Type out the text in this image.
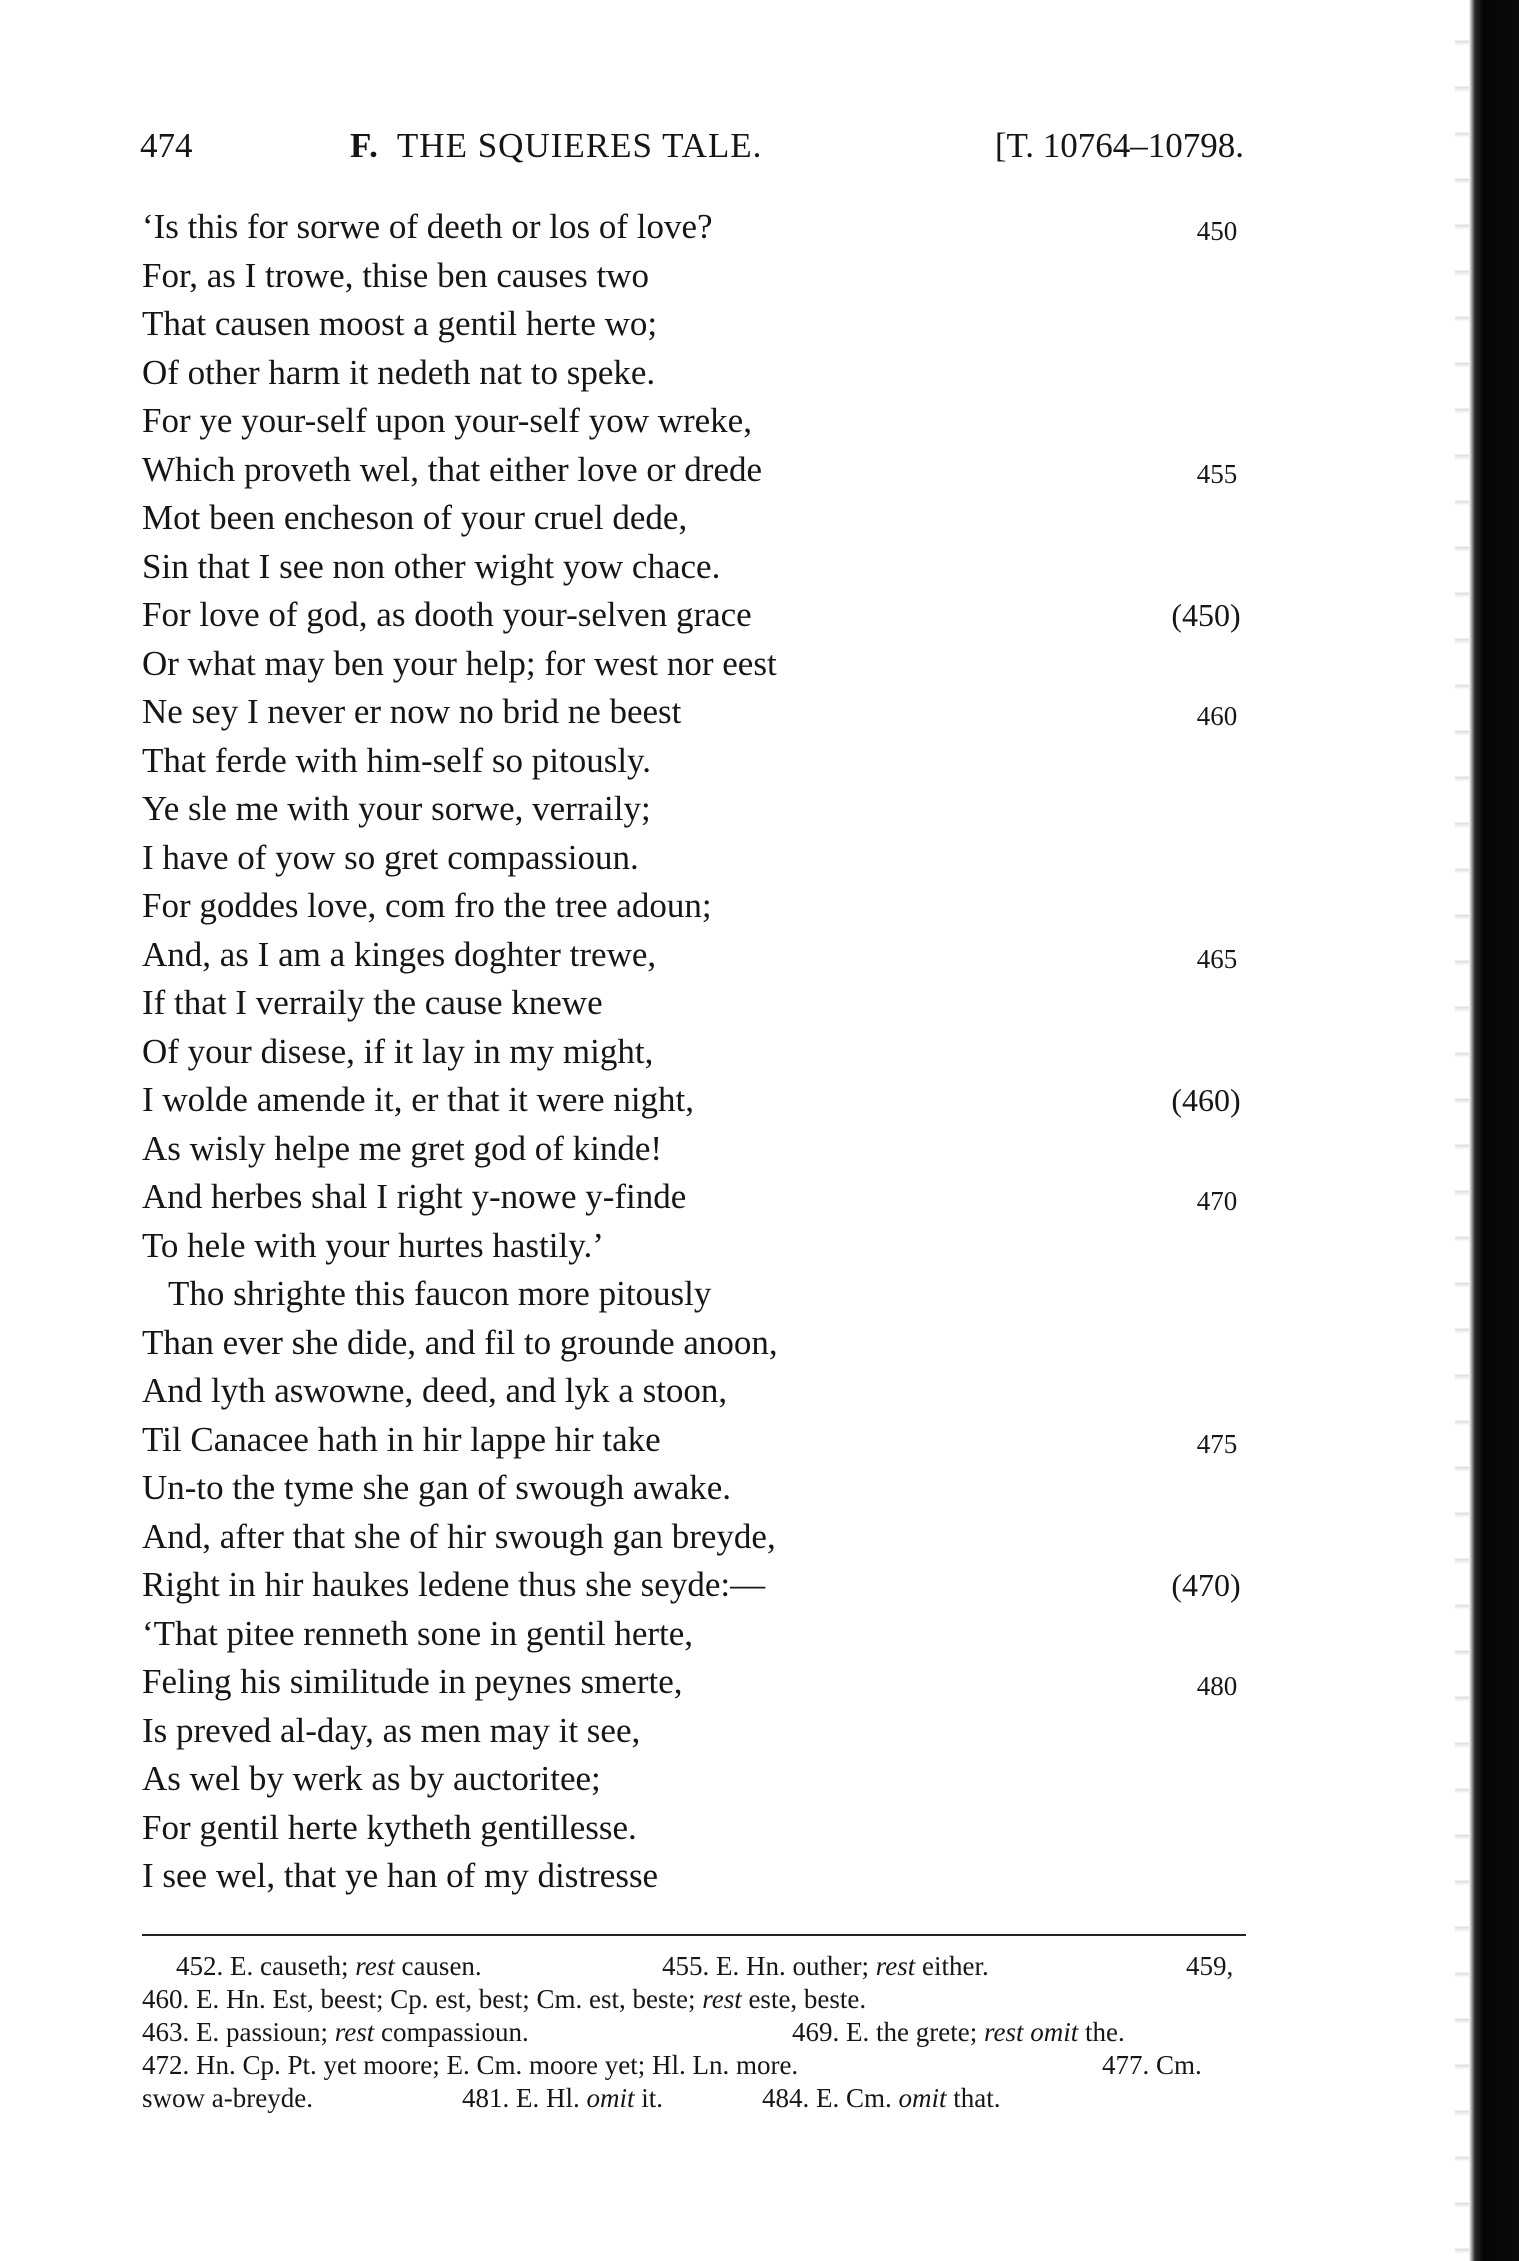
474	F. THE SQUIERES TALE.	[T. 10764–10798.
‘Is this for sorwe of deeth or los of love?	450
For, as I trowe, thise ben causes two
That causen moost a gentil herte wo;
Of other harm it nedeth nat to speke.
For ye your-self upon your-self yow wreke,
Which proveth wel, that either love or drede	455
Mot been encheson of your cruel dede,
Sin that I see non other wight yow chace.
For love of god, as dooth your-selven grace	(450)
Or what may ben your help; for west nor eest
Ne sey I never er now no brid ne beest	460
That ferde with him-self so pitously.
Ye sle me with your sorwe, verraily;
I have of yow so gret compassioun.
For goddes love, com fro the tree adoun;
And, as I am a kinges doghter trewe,	465
If that I verraily the cause knewe
Of your disese, if it lay in my might,
I wolde amende it, er that it were night,	(460)
As wisly helpe me gret god of kinde!
And herbes shal I right y-nowe y-finde	470
To hele with your hurtes hastily.’
Tho shrighte this faucon more pitously
Than ever she dide, and fil to grounde anoon,
And lyth aswowne, deed, and lyk a stoon,
Til Canacee hath in hir lappe hir take	475
Un-to the tyme she gan of swough awake.
And, after that she of hir swough gan breyde,
Right in hir haukes ledene thus she seyde:—	(470)
‘That pitee renneth sone in gentil herte,
Feling his similitude in peynes smerte,	480
Is preved al-day, as men may it see,
As wel by werk as by auctoritee;
For gentil herte kytheth gentillesse.
I see wel, that ye han of my distresse
452. E. causeth; rest causen.	455. E. Hn. outher; rest either.	459,
460. E. Hn. Est, beest; Cp. est, best; Cm. est, beste; rest este, beste.
463. E. passioun; rest compassioun.	469. E. the grete; rest omit the.
472. Hn. Cp. Pt. yet moore; E. Cm. moore yet; Hl. Ln. more.	477. Cm.
swow a-breyde.	481. E. Hl. omit it.	484. E. Cm. omit that.
